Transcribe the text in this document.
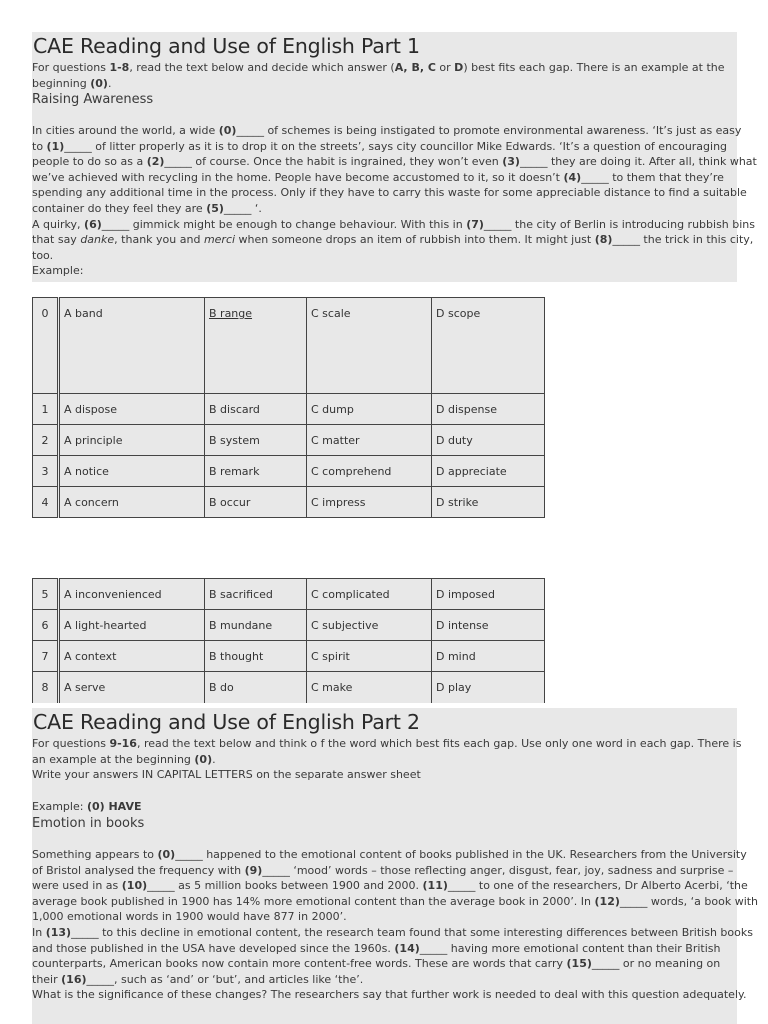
CAE Reading and Use of English Part 1
For questions 1-8, read the text below and decide which answer (A, B, C or D) best fits each gap. There is an example at the
beginning (0).
Raising Awareness
In cities around the world, a wide (0)_____ of schemes is being instigated to promote environmental awareness. ‘It’s just as easy
to (1)_____ of litter properly as it is to drop it on the streets’, says city councillor Mike Edwards. ‘It’s a question of encouraging
people to do so as a (2)_____ of course. Once the habit is ingrained, they won’t even (3)_____ they are doing it. After all, think what
we’ve achieved with recycling in the home. People have become accustomed to it, so it doesn’t (4)_____ to them that they’re
spending any additional time in the process. Only if they have to carry this waste for some appreciable distance to find a suitable
container do they feel they are (5)_____ ‘.
A quirky, (6)_____ gimmick might be enough to change behaviour. With this in (7)_____ the city of Berlin is introducing rubbish bins
that say danke, thank you and merci when someone drops an item of rubbish into them. It might just (8)_____ the trick in this city,
too.
Example:
0	A band	B range	C scale	D scope
1	A dispose	B discard	C dump	D dispense
2	A principle	B system	C matter	D duty
3	A notice	B remark	C comprehend	D appreciate
4	A concern	B occur	C impress	D strike
5	A inconvenienced	B sacrificed	C complicated	D imposed
6	A light-hearted	B mundane	C subjective	D intense
7	A context	B thought	C spirit	D mind
8	A serve	B do	C make	D play
CAE Reading and Use of English Part 2
For questions 9-16, read the text below and think o f the word which best fits each gap. Use only one word in each gap. There is
an example at the beginning (0).
Write your answers IN CAPITAL LETTERS on the separate answer sheet
Example: (0) HAVE
Emotion in books
Something appears to (0)_____ happened to the emotional content of books published in the UK. Researchers from the University
of Bristol analysed the frequency with (9)_____ ‘mood’ words – those reflecting anger, disgust, fear, joy, sadness and surprise –
were used in as (10)_____ as 5 million books between 1900 and 2000. (11)_____ to one of the researchers, Dr Alberto Acerbi, ‘the
average book published in 1900 has 14% more emotional content than the average book in 2000’. In (12)_____ words, ‘a book with
1,000 emotional words in 1900 would have 877 in 2000’.
In (13)_____ to this decline in emotional content, the research team found that some interesting differences between British books
and those published in the USA have developed since the 1960s. (14)_____ having more emotional content than their British
counterparts, American books now contain more content-free words. These are words that carry (15)_____ or no meaning on
their (16)_____, such as ‘and’ or ‘but’, and articles like ‘the’.
What is the significance of these changes? The researchers say that further work is needed to deal with this question adequately.
